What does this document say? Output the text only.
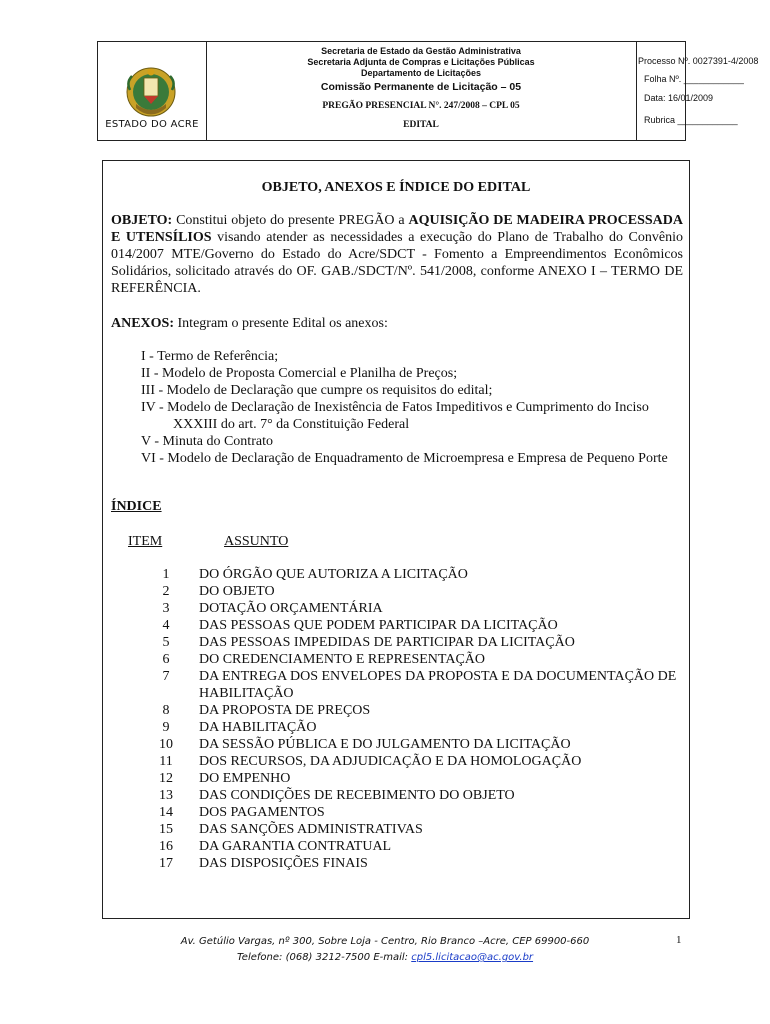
ESTADO DO ACRE
Secretaria de Estado da Gestão Administrativa
Secretaria Adjunta de Compras e Licitações Públicas
Departamento de Licitações
Comissão Permanente de Licitação – 05
PREGÃO PRESENCIAL N°. 247/2008 – CPL 05
EDITAL
Processo Nº. 0027391-4/2008
Folha Nº. ____________
Data: 16/01/2009
Rubrica ____________
OBJETO, ANEXOS E ÍNDICE DO EDITAL
OBJETO: Constitui objeto do presente PREGÃO a AQUISIÇÃO DE MADEIRA PROCESSADA E UTENSÍLIOS visando atender as necessidades a execução do Plano de Trabalho do Convênio 014/2007 MTE/Governo do Estado do Acre/SDCT - Fomento a Empreendimentos Econômicos Solidários, solicitado através do OF. GAB./SDCT/Nº. 541/2008, conforme ANEXO I – TERMO DE REFERÊNCIA.
ANEXOS: Integram o presente Edital os anexos:
I - Termo de Referência;
II - Modelo de Proposta Comercial e Planilha de Preços;
III - Modelo de Declaração que cumpre os requisitos do edital;
IV - Modelo de Declaração de Inexistência de Fatos Impeditivos e Cumprimento do Inciso
XXXIII do art. 7° da Constituição Federal
V - Minuta do Contrato
VI - Modelo de Declaração de Enquadramento de Microempresa e Empresa de Pequeno Porte
ÍNDICE
ITEM	ASSUNTO
1	DO ÓRGÃO QUE AUTORIZA A LICITAÇÃO
2	DO OBJETO
3	DOTAÇÃO ORÇAMENTÁRIA
4	DAS PESSOAS QUE PODEM PARTICIPAR DA LICITAÇÃO
5	DAS PESSOAS IMPEDIDAS DE PARTICIPAR DA LICITAÇÃO
6	DO CREDENCIAMENTO E REPRESENTAÇÃO
7	DA ENTREGA DOS ENVELOPES DA PROPOSTA E DA DOCUMENTAÇÃO DE HABILITAÇÃO
8	DA PROPOSTA DE PREÇOS
9	DA HABILITAÇÃO
10	DA SESSÃO PÚBLICA E DO JULGAMENTO DA LICITAÇÃO
11	DOS RECURSOS, DA ADJUDICAÇÃO E DA HOMOLOGAÇÃO
12	DO EMPENHO
13	DAS CONDIÇÕES DE RECEBIMENTO DO OBJETO
14	DOS PAGAMENTOS
15	DAS SANÇÕES ADMINISTRATIVAS
16	DA GARANTIA CONTRATUAL
17	DAS DISPOSIÇÕES FINAIS
Av. Getúlio Vargas, nº 300, Sobre Loja - Centro, Rio Branco –Acre, CEP 69900-660
Telefone: (068) 3212-7500 E-mail: cpl5.licitacao@ac.gov.br
1
